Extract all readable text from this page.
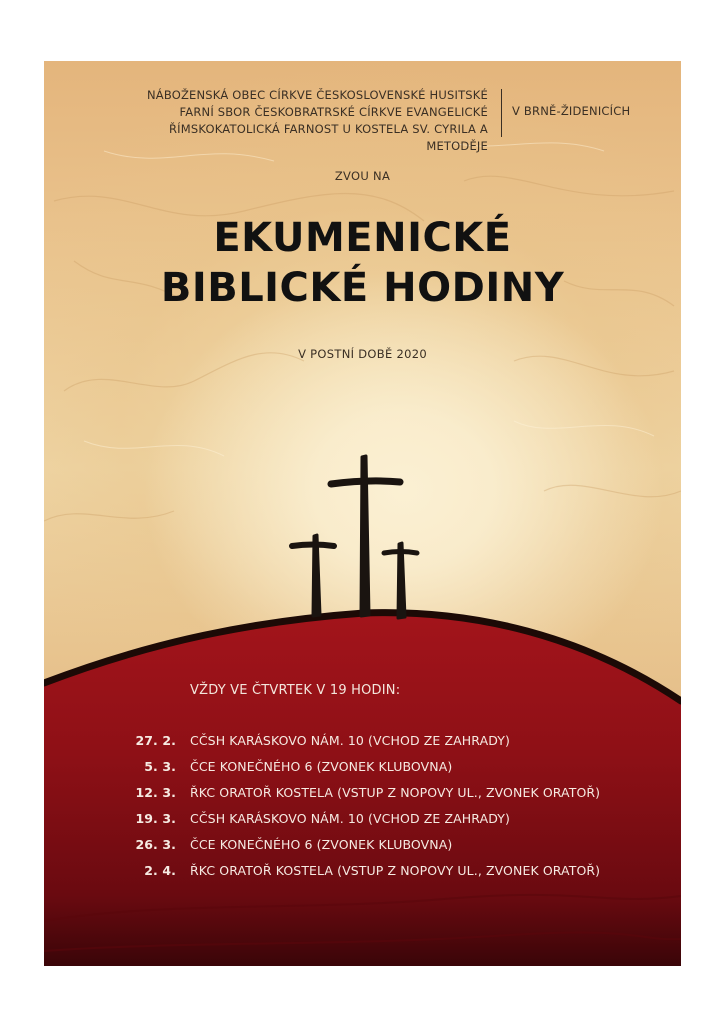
NÁBOŽENSKÁ OBEC CÍRKVE ČESKOSLOVENSKÉ HUSITSKÉ
FARNÍ SBOR ČESKOBRATRSKÉ CÍRKVE EVANGELICKÉ
ŘÍMSKOKATOLICKÁ FARNOST U KOSTELA SV. CYRILA A METODĚJE
V BRNĚ-ŽIDENICÍCH
ZVOU NA
EKUMENICKÉ
BIBLICKÉ HODINY
V POSTNÍ DOBĚ 2020
VŽDY VE ČTVRTEK V 19 HODIN:
27. 2. CČSH KARÁSKOVO NÁM. 10 (VCHOD ZE ZAHRADY)
5. 3. ČCE KONEČNÉHO 6 (ZVONEK KLUBOVNA)
12. 3. ŘKC ORATOŘ KOSTELA (VSTUP Z NOPOVY UL., ZVONEK ORATOŘ)
19. 3. CČSH KARÁSKOVO NÁM. 10 (VCHOD ZE ZAHRADY)
26. 3. ČCE KONEČNÉHO 6 (ZVONEK KLUBOVNA)
2. 4. ŘKC ORATOŘ KOSTELA (VSTUP Z NOPOVY UL., ZVONEK ORATOŘ)
